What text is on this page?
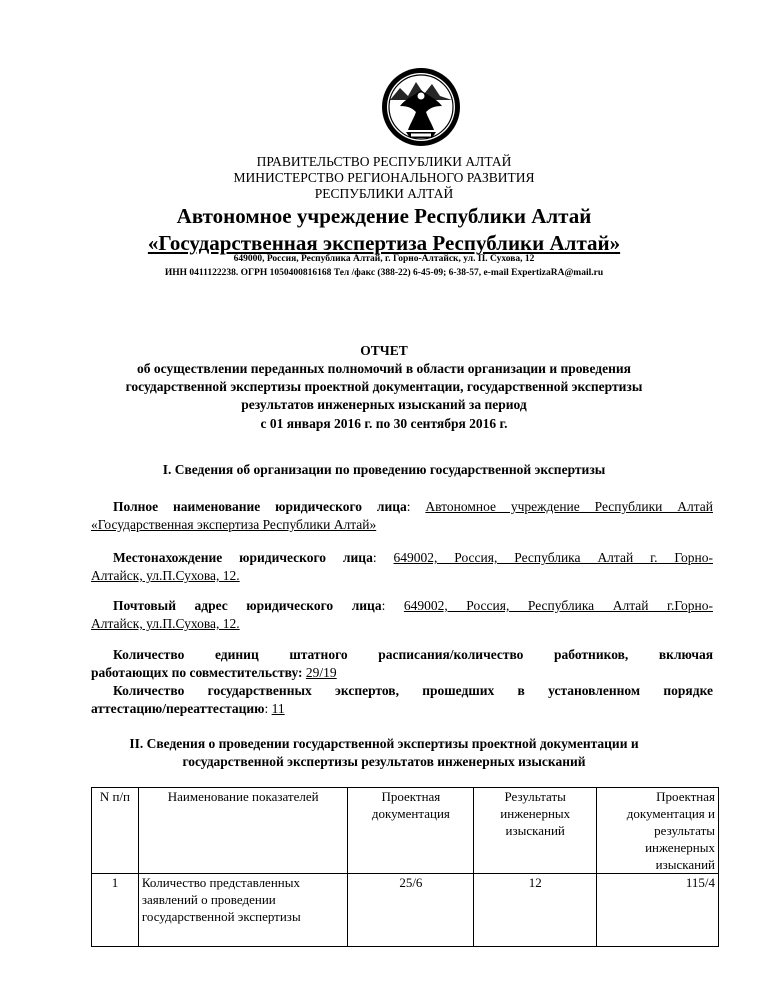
ПРАВИТЕЛЬСТВО РЕСПУБЛИКИ АЛТАЙ
МИНИСТЕРСТВО РЕГИОНАЛЬНОГО РАЗВИТИЯ
РЕСПУБЛИКИ АЛТАЙ
Автономное учреждение Республики Алтай
«Государственная экспертиза Республики Алтай»
649000, Россия, Республика Алтай, г. Горно-Алтайск, ул. П. Сухова, 12
ИНН 0411122238. ОГРН 1050400816168 Тел /факс (388-22) 6-45-09; 6-38-57, e-mail ExpertizaRA@mail.ru
ОТЧЕТ
об осуществлении переданных полномочий в области организации и проведения
государственной экспертизы проектной документации, государственной экспертизы
результатов инженерных изысканий за период
с 01 января 2016 г. по 30 сентября 2016 г.
I. Сведения об организации по проведению государственной экспертизы
Полное наименование юридического лица: Автономное учреждение Республики Алтай
«Государственная экспертиза Республики Алтай»
Местонахождение юридического лица: 649002, Россия, Республика Алтай г. Горно-
Алтайск, ул.П.Сухова, 12.
Почтовый адрес юридического лица: 649002, Россия, Республика Алтай г.Горно-
Алтайск, ул.П.Сухова, 12.
Количество единиц штатного расписания/количество работников, включая
работающих по совместительству: 29/19
Количество государственных экспертов, прошедших в установленном порядке
аттестацию/переаттестацию: 11
II. Сведения о проведении государственной экспертизы проектной документации и
государственной экспертизы результатов инженерных изысканий
N п/п	Наименование показателей	Проектная документация	Результаты инженерных изысканий	Проектная документация и результаты инженерных изысканий
1	Количество представленных заявлений о проведении государственной экспертизы	25/6	12	115/4
